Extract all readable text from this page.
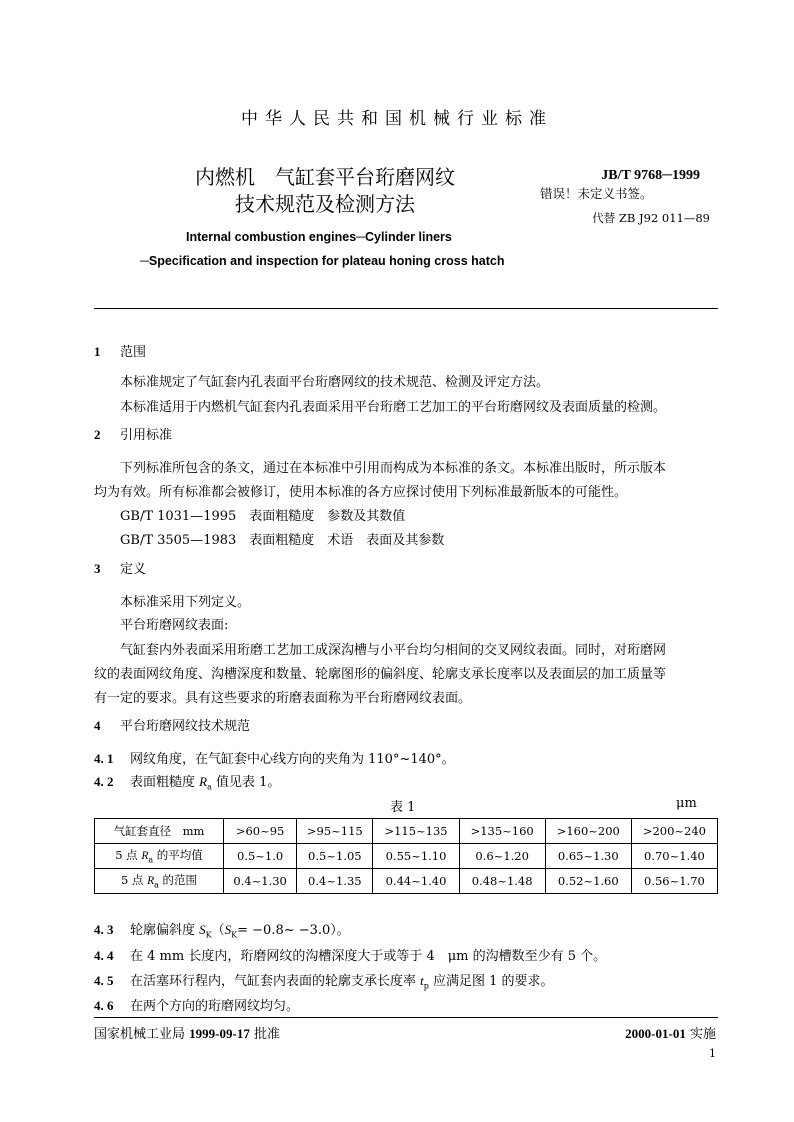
中华人民共和国机械行业标准
内燃机　气缸套平台珩磨网纹
技术规范及检测方法
JB/T 9768─1999
错误！未定义书签。
代替 ZB J92 011—89
Internal combustion engines─Cylinder liners
─Specification and inspection for plateau honing cross hatch
1 范围
本标准规定了气缸套内孔表面平台珩磨网纹的技术规范、检测及评定方法。
本标准适用于内燃机气缸套内孔表面采用平台珩磨工艺加工的平台珩磨网纹及表面质量的检测。
2 引用标准
下列标准所包含的条文，通过在本标准中引用而构成为本标准的条文。本标准出版时，所示版本
均为有效。所有标准都会被修订，使用本标准的各方应探讨使用下列标准最新版本的可能性。
GB/T 1031—1995　表面粗糙度　参数及其数值
GB/T 3505—1983　表面粗糙度　术语　表面及其参数
3 定义
本标准采用下列定义。
平台珩磨网纹表面:
气缸套内外表面采用珩磨工艺加工成深沟槽与小平台均匀相间的交叉网纹表面。同时，对珩磨网
纹的表面网纹角度、沟槽深度和数量、轮廓图形的偏斜度、轮廓支承长度率以及表面层的加工质量等
有一定的要求。具有这些要求的珩磨表面称为平台珩磨网纹表面。
4 平台珩磨网纹技术规范
4. 1 网纹角度，在气缸套中心线方向的夹角为 110°~140°。
4. 2 表面粗糙度 $R_a$ 值见表 1。
表 1	μm
气缸套直径　mm	>60~95	>95~115	>115~135	>135~160	>160~200	>200~240
5 点 $R_a$ 的平均值	0.5~1.0	0.5~1.05	0.55~1.10	0.6~1.20	0.65~1.30	0.70~1.40
5 点 $R_a$ 的范围	0.4~1.30	0.4~1.35	0.44~1.40	0.48~1.48	0.52~1.60	0.56~1.70
4. 3 轮廓偏斜度 $S_K(S_K=$ −0.8~ −3.0）。
4. 4 在 4 mm 长度内，珩磨网纹的沟槽深度大于或等于 4　μm 的沟槽数至少有 5 个。
4. 5 在活塞环行程内，气缸套内表面的轮廓支承长度率 $t_p$ 应满足图 1 的要求。
4. 6 在两个方向的珩磨网纹均匀。
国家机械工业局 1999-09-17 批准	2000-01-01 实施
1
